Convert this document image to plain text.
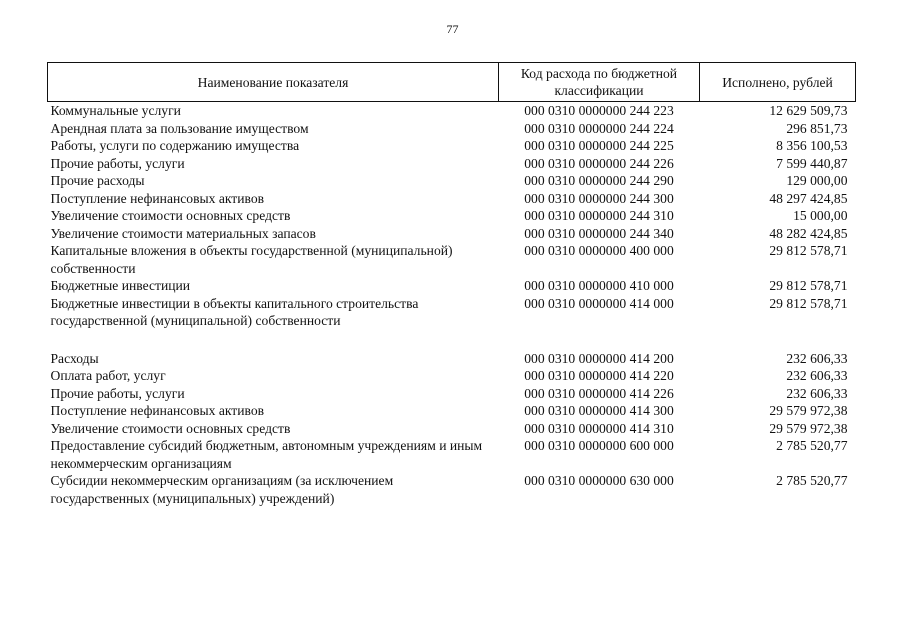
77
Наименование показателя	Код расхода по бюджетной классификации	Исполнено, рублей
Коммунальные услуги	000 0310 0000000 244 223	12 629 509,73
Арендная плата за пользование имуществом	000 0310 0000000 244 224	296 851,73
Работы, услуги по содержанию имущества	000 0310 0000000 244 225	8 356 100,53
Прочие работы, услуги	000 0310 0000000 244 226	7 599 440,87
Прочие расходы	000 0310 0000000 244 290	129 000,00
Поступление нефинансовых активов	000 0310 0000000 244 300	48 297 424,85
Увеличение стоимости основных средств	000 0310 0000000 244 310	15 000,00
Увеличение стоимости материальных запасов	000 0310 0000000 244 340	48 282 424,85
Капитальные вложения в объекты государственной (муниципальной) собственности	000 0310 0000000 400 000	29 812 578,71
Бюджетные инвестиции	000 0310 0000000 410 000	29 812 578,71
Бюджетные инвестиции в объекты капитального строительства государственной (муниципальной) собственности	000 0310 0000000 414 000	29 812 578,71

Расходы	000 0310 0000000 414 200	232 606,33
Оплата работ, услуг	000 0310 0000000 414 220	232 606,33
Прочие работы, услуги	000 0310 0000000 414 226	232 606,33
Поступление нефинансовых активов	000 0310 0000000 414 300	29 579 972,38
Увеличение стоимости основных средств	000 0310 0000000 414 310	29 579 972,38
Предоставление субсидий бюджетным, автономным учреждениям и иным некоммерческим организациям	000 0310 0000000 600 000	2 785 520,77
Субсидии некоммерческим организациям (за исключением государственных (муниципальных) учреждений)	000 0310 0000000 630 000	2 785 520,77
